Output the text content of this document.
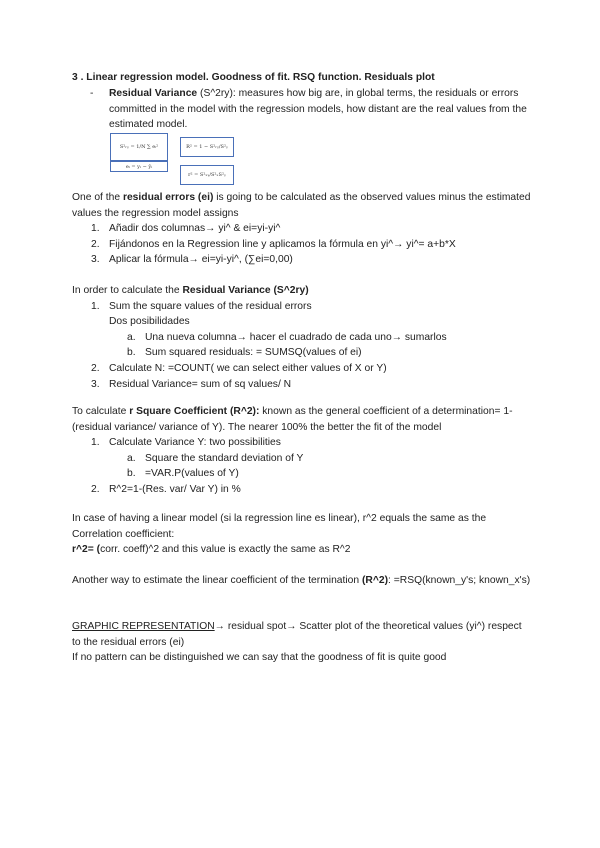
3 . Linear regression model. Goodness of fit. RSQ function. Residuals plot
- Residual Variance (S^2ry): measures how big are, in global terms, the residuals or errors committed in the model with the regression models, how distant are the real values from the estimated model.
S²ᵣᵧ = 1/N ∑ eᵢ²
eᵢ = yᵢ − ŷᵢ
R² = 1 − S²ᵣᵧ/S²ᵧ
r² = S²ₓᵧ/S²ₓS²ᵧ
One of the residual errors (ei) is going to be calculated as the observed values minus the estimated values the regression model assigns
1. Añadir dos columnas→ yi^ & ei=yi-yi^
2. Fijándonos en la Regression line y aplicamos la fórmula en yi^→ yi^= a+b*X
3. Aplicar la fórmula→ ei=yi-yi^, (∑ei=0,00)
In order to calculate the Residual Variance (S^2ry)
1. Sum the square values of the residual errors
Dos posibilidades
a. Una nueva columna→ hacer el cuadrado de cada uno→ sumarlos
b. Sum squared residuals: = SUMSQ(values of ei)
2. Calculate N: =COUNT( we can select either values of X or Y)
3. Residual Variance= sum of sq values/ N
To calculate r Square Coefficient (R^2): known as the general coefficient of a determination= 1- (residual variance/ variance of Y). The nearer 100% the better the fit of the model
1. Calculate Variance Y: two possibilities
a. Square the standard deviation of Y
b. =VAR.P(values of Y)
2. R^2=1-(Res. var/ Var Y) in %
In case of having a linear model (si la regression line es linear), r^2 equals the same as the Correlation coefficient:
r^2= (corr. coeff)^2 and this value is exactly the same as R^2
Another way to estimate the linear coefficient of the termination (R^2): =RSQ(known_y's; known_x's)
GRAPHIC REPRESENTATION→ residual spot→ Scatter plot of the theoretical values (yi^) respect to the residual errors (ei)
If no pattern can be distinguished we can say that the goodness of fit is quite good
